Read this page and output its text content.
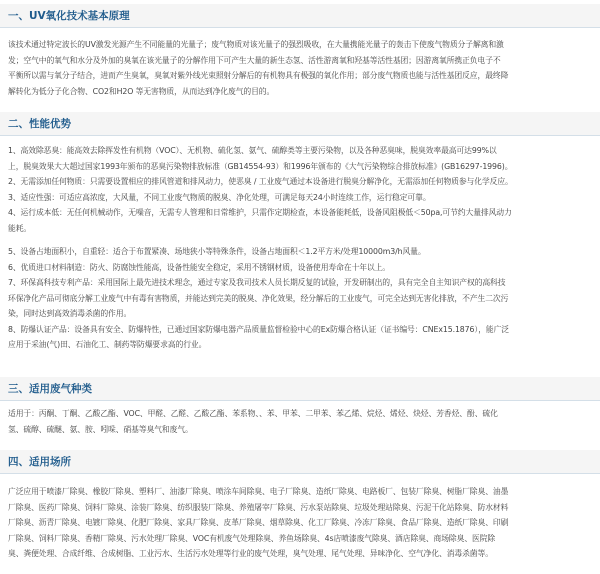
一、UV氧化技术基本原理
该技术通过特定波长的UV激发光源产生不同能量的光量子；废气物质对该光量子的强烈吸收，在大量携能光量子的轰击下使废气物质分子解离和激
发；空气中的氧气和水分及外加的臭氧在该光量子的分解作用下可产生大量的新生态氢、活性游离氧和羟基等活性基团；因游离氧所携正负电子不
平衡所以需与氧分子结合，进而产生臭氧，臭氧对紫外线光束照射分解后的有机物具有极强的氧化作用；部分废气物质也能与活性基团反应，最终降
解转化为低分子化合物、CO2和H2O 等无害物质，从而达到净化废气的目的。
二、性能优势
1、高效除恶臭：能高效去除挥发性有机物（VOC）、无机物、硫化氢、氨气、硫醇类等主要污染物，以及各种恶臭味，脱臭效率最高可达99%以
上，脱臭效果大大超过国家1993年颁布的恶臭污染物排放标准（GB14554-93）和1996年颁布的《大气污染物综合排放标准》(GB16297-1996)。
2、无需添加任何物质：只需要设置相应的排风管道和排风动力，使恶臭 / 工业废气通过本设备进行脱臭分解净化，无需添加任何物质参与化学反应。
3、适应性强：可适应高浓度，大风量，不同工业废气物质的脱臭、净化处理，可满足每天24小时连续工作，运行稳定可靠。
4、运行成本低：无任何机械动作，无噪音，无需专人管理和日常维护，只需作定期检查，本设备能耗低，设备风阻极低＜50pa,可节约大量排风动力
能耗。
5、设备占地面积小，自重轻：适合于布置紧凑、场地狭小等特殊条件，设备占地面积＜1.2平方米/处理10000m3/h风量。
6、优质进口材料制造：防火、防腐蚀性能高，设备性能安全稳定，采用不锈钢材质，设备使用寿命在十年以上。
7、环保高科技专利产品：采用国际上最先进技术理念，通过专家及我司技术人员长期反复的试验，开发研制出的，具有完全自主知识产权的高科技
环保净化产品可彻底分解工业废气中有毒有害物质，并能达到完美的脱臭、净化效果，经分解后的工业废气，可完全达到无害化排放，不产生二次污
染，同时达到高效消毒杀菌的作用。
8、防爆认证产品：设备具有安全、防爆特性，已通过国家防爆电器产品质量监督检验中心的Ex防爆合格认证（证书编号：CNEx15.1876），能广泛
应用于采油(气)田、石油化工、制药等防爆要求高的行业。
三、适用废气种类
适用于：丙酮、丁酮、乙酸乙酯、VOC、甲醛、乙醛、乙酸乙酯、苯系物、、苯、甲苯、二甲苯、苯乙烯、烷烃、烯烃、炔烃、芳香烃、酚、硫化
氢、硫醇、硫醚、氨、胺、吲哚、硝基等臭气和废气。
四、适用场所
广泛应用于喷漆厂除臭、橡胶厂除臭、塑料厂、油漆厂除臭、喷涂车间除臭、电子厂除臭、造纸厂除臭、电路板厂、包装厂除臭、树脂厂除臭、油墨
厂除臭、医药厂除臭、饲料厂除臭、涂装厂除臭、纺织服装厂除臭、养殖屠宰厂除臭、污水泵站除臭、垃圾处理站除臭、污泥干化站除臭、防水材料
厂除臭、沥青厂除臭、电镀厂除臭、化肥厂除臭、家具厂除臭、皮革厂除臭、烟草除臭、化工厂除臭、冷冻厂除臭、食品厂除臭、造纸厂除臭、印刷
厂除臭、饲料厂除臭、香精厂除臭、污水处理厂除臭、VOC有机废气处理除臭、养鱼场除臭、4s店喷漆废气除臭、酒店除臭、商场除臭、医院除
臭、粪便处理、合成纤维、合成树脂、工业污水、生活污水处理等行业的废气处理，臭气处理、尾气处理、异味净化、空气净化、消毒杀菌等。
